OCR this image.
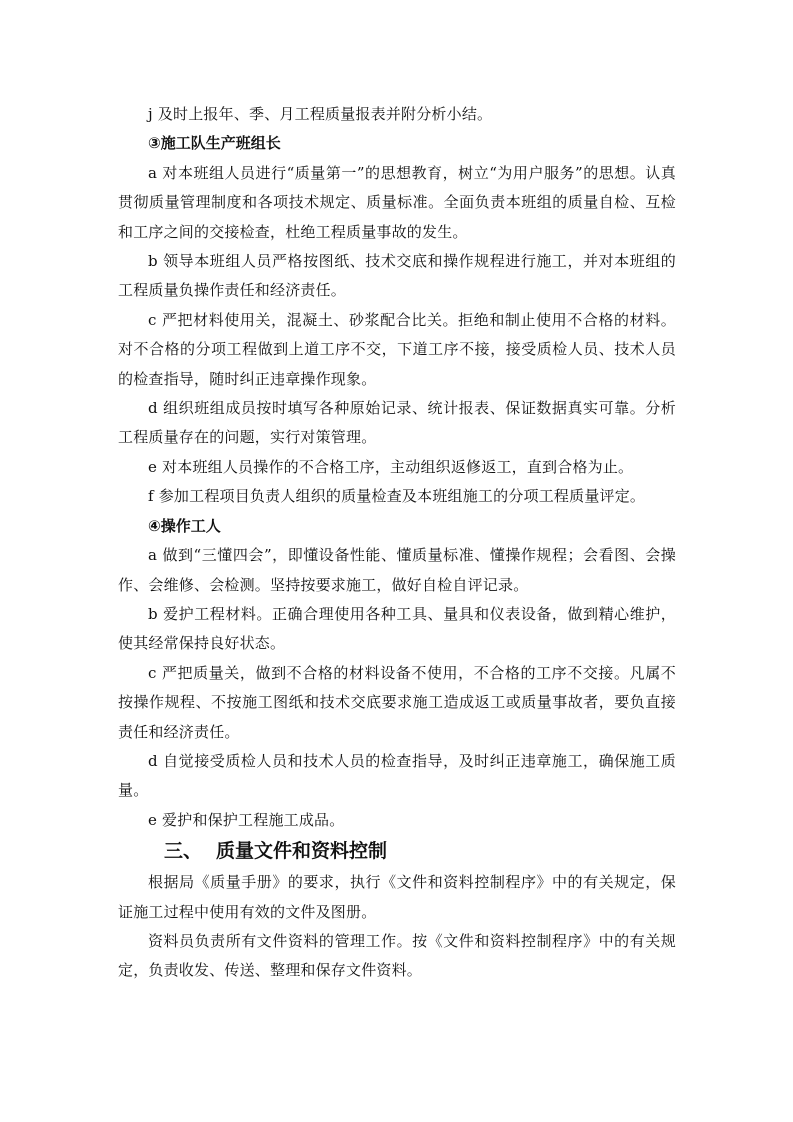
j 及时上报年、季、月工程质量报表并附分析小结。

③施工队生产班组长

a 对本班组人员进行“质量第一”的思想教育，树立“为用户服务”的思想。认真贯彻质量管理制度和各项技术规定、质量标准。全面负责本班组的质量自检、互检和工序之间的交接检查，杜绝工程质量事故的发生。

b 领导本班组人员严格按图纸、技术交底和操作规程进行施工，并对本班组的工程质量负操作责任和经济责任。

c 严把材料使用关，混凝土、砂浆配合比关。拒绝和制止使用不合格的材料。对不合格的分项工程做到上道工序不交，下道工序不接，接受质检人员、技术人员的检查指导，随时纠正违章操作现象。

d 组织班组成员按时填写各种原始记录、统计报表、保证数据真实可靠。分析工程质量存在的问题，实行对策管理。

e 对本班组人员操作的不合格工序，主动组织返修返工，直到合格为止。

f 参加工程项目负责人组织的质量检查及本班组施工的分项工程质量评定。

④操作工人

a 做到“三懂四会”，即懂设备性能、懂质量标准、懂操作规程；会看图、会操作、会维修、会检测。坚持按要求施工，做好自检自评记录。

b 爱护工程材料。正确合理使用各种工具、量具和仪表设备，做到精心维护，使其经常保持良好状态。

c 严把质量关，做到不合格的材料设备不使用，不合格的工序不交接。凡属不按操作规程、不按施工图纸和技术交底要求施工造成返工或质量事故者，要负直接责任和经济责任。

d 自觉接受质检人员和技术人员的检查指导，及时纠正违章施工，确保施工质量。

e 爱护和保护工程施工成品。

三、 质量文件和资料控制

根据局《质量手册》的要求，执行《文件和资料控制程序》中的有关规定，保证施工过程中使用有效的文件及图册。

资料员负责所有文件资料的管理工作。按《文件和资料控制程序》中的有关规定，负责收发、传送、整理和保存文件资料。
